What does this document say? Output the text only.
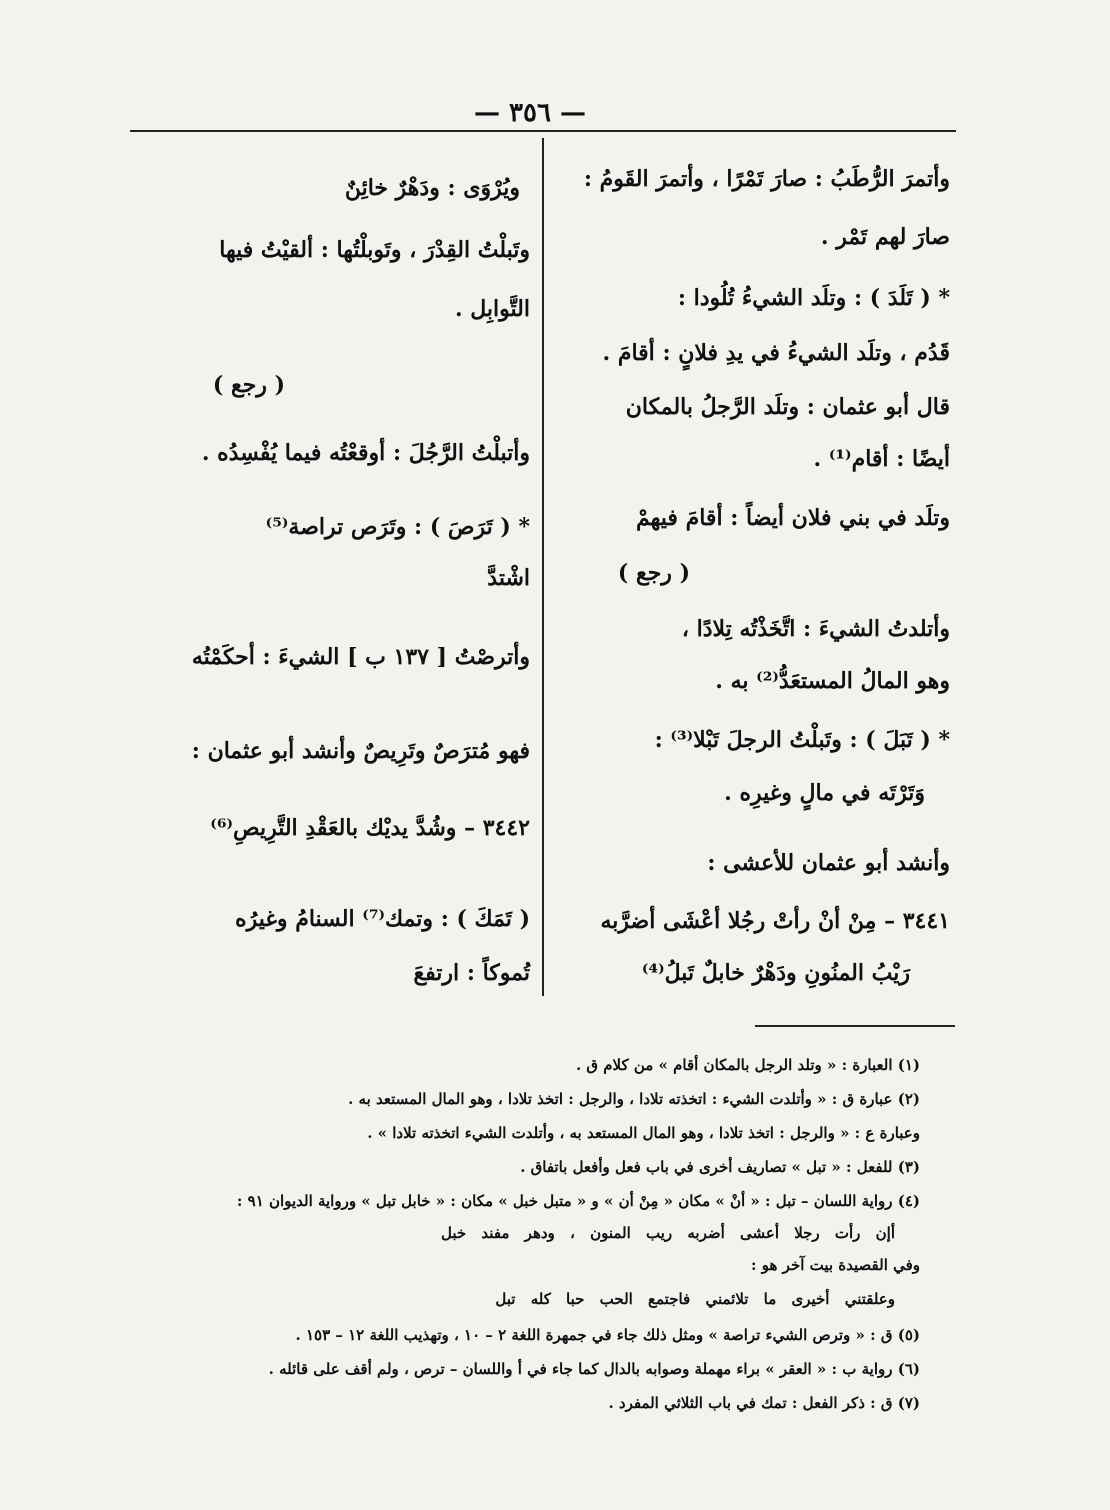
— ٣٥٦ —
وأتمرَ الرُّطَبُ : صارَ تَمْرًا ، وأتمرَ القَومُ :
صارَ لهم تَمْر .
* ( تَلَدَ ) : وتلَد الشيءُ تُلُودا :
قَدُم ، وتلَد الشيءُ في يدِ فلانٍ : أقامَ .
قال أبو عثمان : وتلَد الرَّجلُ بالمكان
أيضًا : أقام⁽¹⁾ .
وتلَد في بني فلان أيضاً : أقامَ فيهمْ
( رجع )
وأتلدتُ الشيءَ : اتَّخَذْتُه تِلادًا ،
وهو المالُ المستعَدُّ⁽²⁾ به .
* ( تَبَلَ ) : وتَبلْتُ الرجلَ تَبْلا⁽³⁾ :
وَتَرْتَه في مالٍ وغيرِه .
وأنشد أبو عثمان للأعشى :
٣٤٤١ – مِنْ أنْ رأتْ رجُلا أعْشَى أضرَّبه
رَيْبُ المنُونِ ودَهْرٌ خابلٌ تَبلُ⁽⁴⁾
ويُرْوَى : ودَهْرٌ خائِنٌ
وتَبلْتُ القِدْرَ ، وتَوبلْتُها : ألقيْتُ فيها
التَّوابِل .
( رجع )
وأتبلْتُ الرَّجُلَ : أوقعْتُه فيما يُفْسِدُه .
* ( تَرَصَ ) : وتَرَص تراصة⁽⁵⁾
اشْتدَّ
وأترصْتُ [ ١٣٧ ب ] الشيءَ : أحكَمْتُه
فهو مُترَصٌ وتَرِيصٌ وأنشد أبو عثمان :
٣٤٤٢ – وشُدَّ يديْك بالعَقْدِ التَّرِيصِ⁽⁶⁾
( تَمَكَ ) : وتمك⁽⁷⁾ السنامُ وغيرُه
تُموكاً : ارتفعَ
(١) العبارة : « وتلد الرجل بالمكان أقام » من كلام ق .
(٢) عبارة ق : « وأتلدت الشيء : اتخذته تلادا ، والرجل : اتخذ تلادا ، وهو المال المستعد به .
وعبارة ع : « والرجل : اتخذ تلادا ، وهو المال المستعد به ، وأتلدت الشيء اتخذته تلادا » .
(٣) للفعل : « تبل » تصاريف أخرى في باب فعل وأفعل باتفاق .
(٤) رواية اللسان – تبل : « أنْ » مكان « مِنْ أن » و « متبل خبل » مكان : « خابل تبل » ورواية الديوان ٩١ :
أإن رأت رجلا أعشى أضربه ريب المنون ، ودهر مفند خبل
وفي القصيدة بيت آخر هو :
وعلقتني أخيرى ما تلائمني فاجتمع الحب حبا كله تبل
(٥) ق : « وترص الشيء تراصة » ومثل ذلك جاء في جمهرة اللغة ٢ – ١٠ ، وتهذيب اللغة ١٢ – ١٥٣ .
(٦) رواية ب : « العقر » براء مهملة وصوابه بالدال كما جاء في أ واللسان – ترص ، ولم أقف على قائله .
(٧) ق : ذكر الفعل : تمك في باب الثلاثي المفرد .
